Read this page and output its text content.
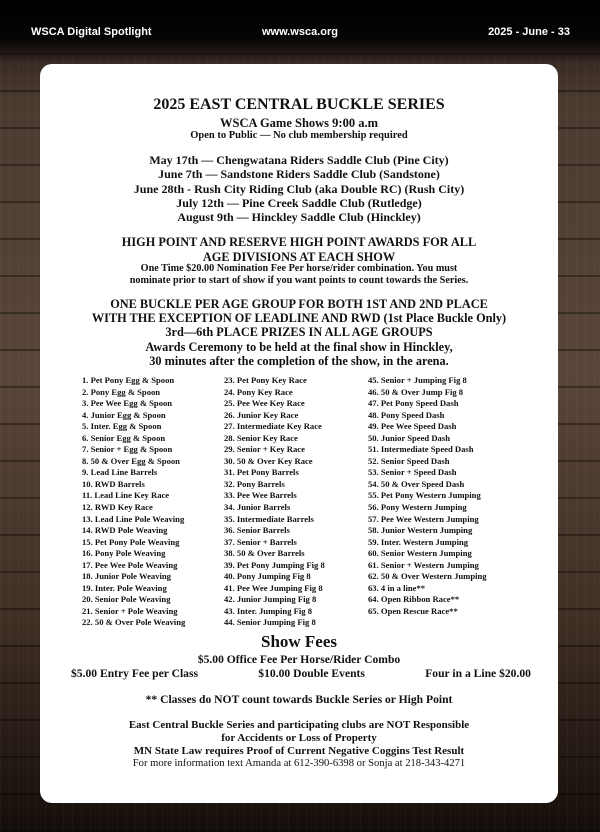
WSCA Digital Spotlight	www.wsca.org	2025 - June - 33
2025 EAST CENTRAL BUCKLE SERIES
WSCA Game Shows 9:00 a.m
Open to Public — No club membership required
May 17th — Chengwatana Riders Saddle Club (Pine City)
June 7th — Sandstone Riders Saddle Club (Sandstone)
June 28th - Rush City Riding Club (aka Double RC) (Rush City)
July 12th — Pine Creek Saddle Club (Rutledge)
August 9th — Hinckley Saddle Club (Hinckley)
HIGH POINT AND RESERVE HIGH POINT AWARDS FOR ALL
AGE DIVISIONS AT EACH SHOW
One Time $20.00 Nomination Fee Per horse/rider combination. You must
nominate prior to start of show if you want points to count towards the Series.
ONE BUCKLE PER AGE GROUP FOR BOTH 1ST AND 2ND PLACE
WITH THE EXCEPTION OF LEADLINE AND RWD (1st Place Buckle Only)
3rd—6th PLACE PRIZES IN ALL AGE GROUPS
Awards Ceremony to be held at the final show in Hinckley,
30 minutes after the completion of the show, in the arena.
1. Pet Pony Egg & Spoon
2. Pony Egg & Spoon
3. Pee Wee Egg & Spoon
4. Junior Egg & Spoon
5. Inter. Egg & Spoon
6. Senior Egg & Spoon
7. Senior + Egg & Spoon
8. 50 & Over Egg & Spoon
9. Lead Line Barrels
10. RWD Barrels
11. Lead Line Key Race
12. RWD Key Race
13. Lead Line Pole Weaving
14. RWD Pole Weaving
15. Pet Pony Pole Weaving
16. Pony Pole Weaving
17. Pee Wee Pole Weaving
18. Junior Pole Weaving
19. Inter. Pole Weaving
20. Senior Pole Weaving
21. Senior + Pole Weaving
22. 50 & Over Pole Weaving
23. Pet Pony Key Race
24. Pony Key Race
25. Pee Wee Key Race
26. Junior Key Race
27. Intermediate Key Race
28. Senior Key Race
29. Senior + Key Race
30. 50 & Over Key Race
31. Pet Pony Barrels
32. Pony Barrels
33. Pee Wee Barrels
34. Junior Barrels
35. Intermediate Barrels
36. Senior Barrels
37. Senior + Barrels
38. 50 & Over Barrels
39. Pet Pony Jumping Fig 8
40. Pony Jumping Fig 8
41. Pee Wee Jumping Fig 8
42. Junior Jumping Fig 8
43. Inter. Jumping Fig 8
44. Senior Jumping Fig 8
45. Senior + Jumping Fig 8
46. 50 & Over Jump Fig 8
47. Pet Pony Speed Dash
48. Pony Speed Dash
49. Pee Wee Speed Dash
50. Junior Speed Dash
51. Intermediate Speed Dash
52. Senior Speed Dash
53. Senior + Speed Dash
54. 50 & Over Speed Dash
55. Pet Pony Western Jumping
56. Pony Western Jumping
57. Pee Wee Western Jumping
58. Junior Western Jumping
59. Inter. Western Jumping
60. Senior Western Jumping
61. Senior + Western Jumping
62. 50 & Over Western Jumping
63. 4 in a line**
64. Open Ribbon Race**
65. Open Rescue Race**
Show Fees
$5.00 Office Fee Per Horse/Rider Combo
$5.00 Entry Fee per Class	$10.00 Double Events	Four in a Line $20.00
** Classes do NOT count towards Buckle Series or High Point
East Central Buckle Series and participating clubs are NOT Responsible
for Accidents or Loss of Property
MN State Law requires Proof of Current Negative Coggins Test Result
For more information text Amanda at 612-390-6398 or Sonja at 218-343-4271
